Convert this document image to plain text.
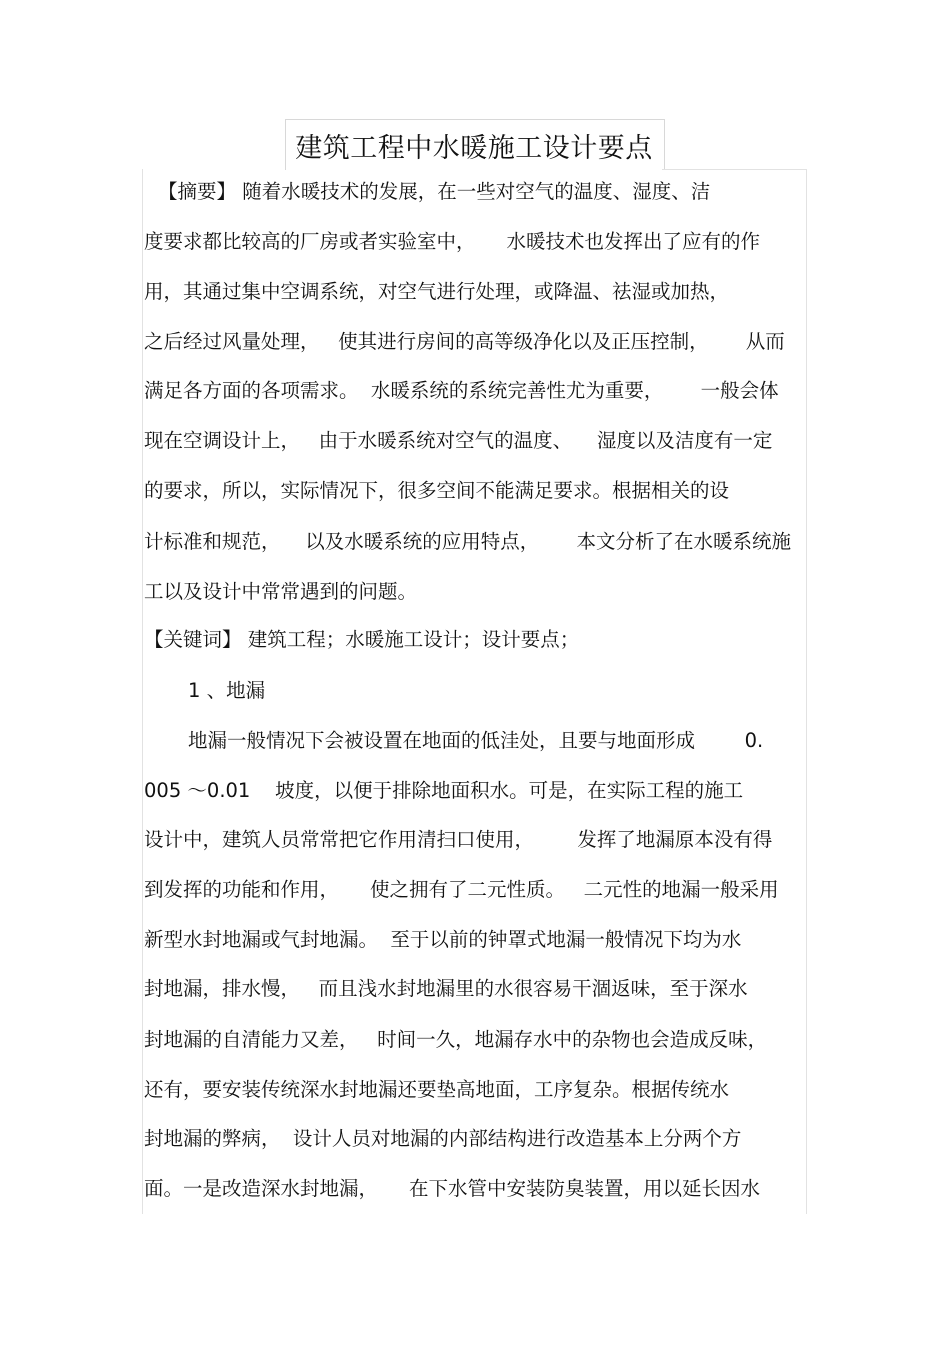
建筑工程中水暖施工设计要点
【摘要】 随着水暖技术的发展，在一些对空气的温度、湿度、洁
度要求都比较高的厂房或者实验室中，     水暖技术也发挥出了应有的作
用，其通过集中空调系统，对空气进行处理，或降温、祛湿或加热，
之后经过风量处理，   使其进行房间的高等级净化以及正压控制，      从而
满足各方面的各项需求。  水暖系统的系统完善性尤为重要，      一般会体
现在空调设计上，   由于水暖系统对空气的温度、    湿度以及洁度有一定
的要求，所以，实际情况下，很多空间不能满足要求。根据相关的设
计标准和规范，    以及水暖系统的应用特点，      本文分析了在水暖系统施
工以及设计中常常遇到的问题。
【关键词】 建筑工程；水暖施工设计；设计要点；
1 、地漏
地漏一般情况下会被设置在地面的低洼处，且要与地面形成        0.
005 ～0.01    坡度，以便于排除地面积水。可是，在实际工程的施工
设计中，建筑人员常常把它作用清扫口使用，       发挥了地漏原本没有得
到发挥的功能和作用，     使之拥有了二元性质。   二元性的地漏一般采用
新型水封地漏或气封地漏。  至于以前的钟罩式地漏一般情况下均为水
封地漏，排水慢，   而且浅水封地漏里的水很容易干涸返味，至于深水
封地漏的自清能力又差，   时间一久，地漏存水中的杂物也会造成反味，
还有，要安装传统深水封地漏还要垫高地面，工序复杂。根据传统水
封地漏的弊病，  设计人员对地漏的内部结构进行改造基本上分两个方
面。一是改造深水封地漏，     在下水管中安装防臭装置，用以延长因水
